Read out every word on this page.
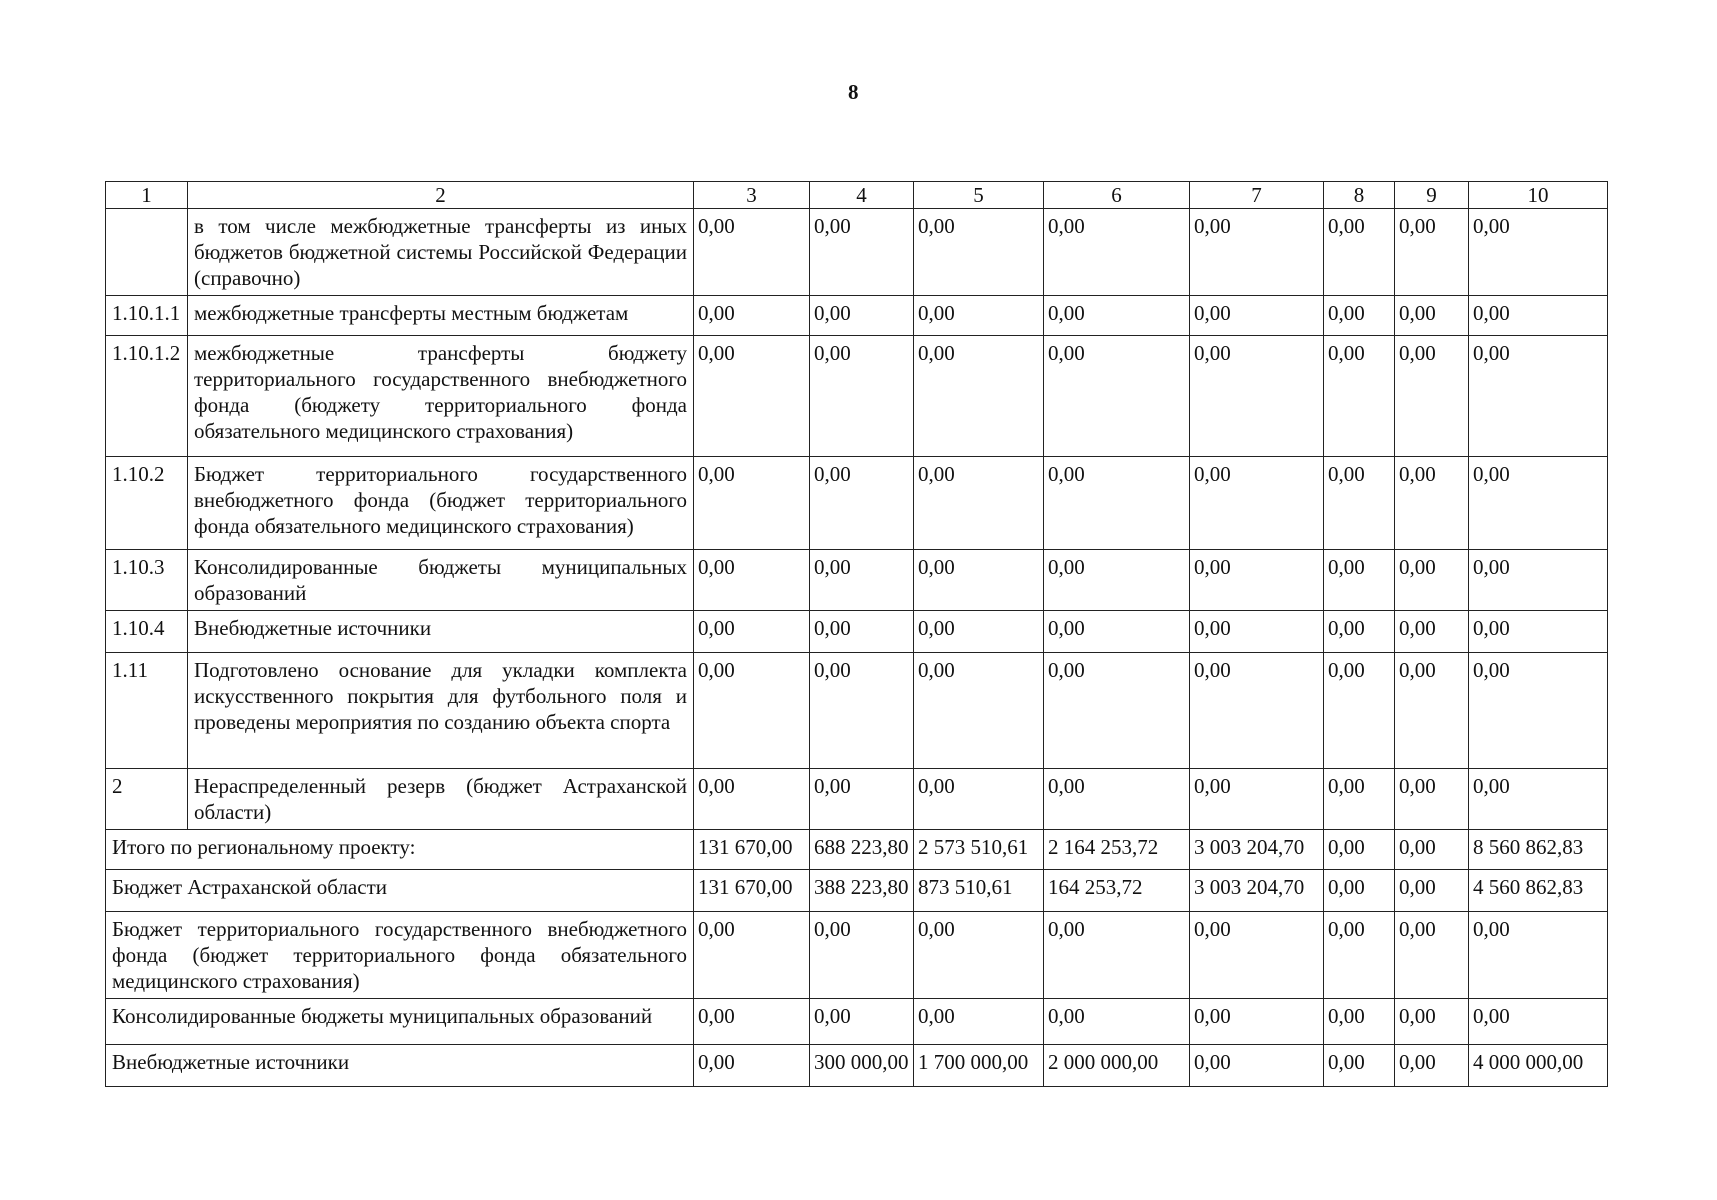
8
1	2	3	4	5	6	7	8	9	10
	в том числе межбюджетные трансферты из иных бюджетов бюджетной системы Российской Федерации (справочно)	0,00	0,00	0,00	0,00	0,00	0,00	0,00	0,00
1.10.1.1	межбюджетные трансферты местным бюджетам	0,00	0,00	0,00	0,00	0,00	0,00	0,00	0,00
1.10.1.2	межбюджетные трансферты бюджету территориального государственного внебюджетного фонда (бюджету территориального фонда обязательного медицинского страхования)	0,00	0,00	0,00	0,00	0,00	0,00	0,00	0,00
1.10.2	Бюджет территориального государственного внебюджетного фонда (бюджет территориального фонда обязательного медицинского страхования)	0,00	0,00	0,00	0,00	0,00	0,00	0,00	0,00
1.10.3	Консолидированные бюджеты муниципальных образований	0,00	0,00	0,00	0,00	0,00	0,00	0,00	0,00
1.10.4	Внебюджетные источники	0,00	0,00	0,00	0,00	0,00	0,00	0,00	0,00
1.11	Подготовлено основание для укладки комплекта искусственного покрытия для футбольного поля и проведены мероприятия по созданию объекта спорта	0,00	0,00	0,00	0,00	0,00	0,00	0,00	0,00
2	Нераспределенный резерв (бюджет Астраханской области)	0,00	0,00	0,00	0,00	0,00	0,00	0,00	0,00
Итого по региональному проекту:		131 670,00	688 223,80	2 573 510,61	2 164 253,72	3 003 204,70	0,00	0,00	8 560 862,83
Бюджет Астраханской области		131 670,00	388 223,80	873 510,61	164 253,72	3 003 204,70	0,00	0,00	4 560 862,83
Бюджет территориального государственного внебюджетного фонда (бюджет территориального фонда обязательного медицинского страхования)		0,00	0,00	0,00	0,00	0,00	0,00	0,00	0,00
Консолидированные бюджеты муниципальных образований		0,00	0,00	0,00	0,00	0,00	0,00	0,00	0,00
Внебюджетные источники		0,00	300 000,00	1 700 000,00	2 000 000,00	0,00	0,00	0,00	4 000 000,00
